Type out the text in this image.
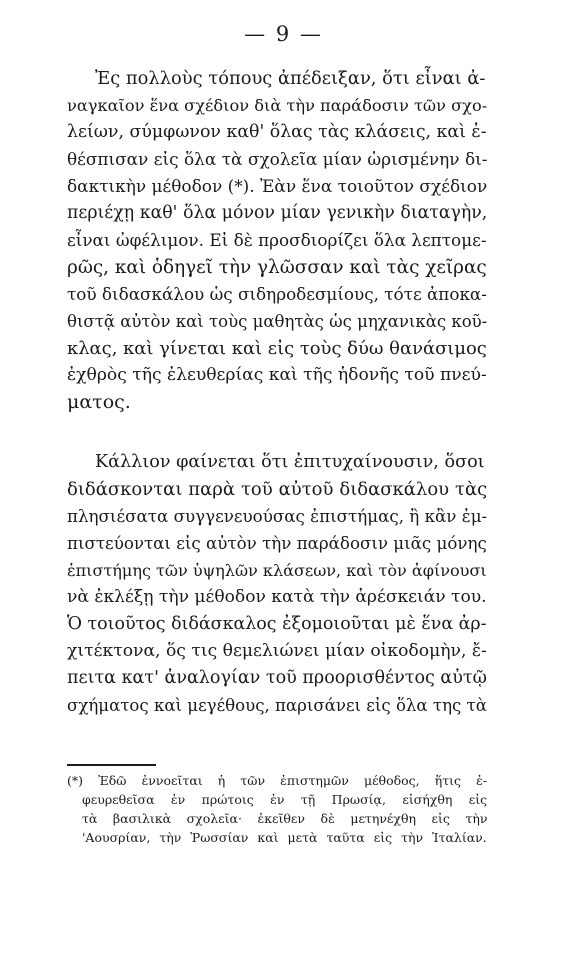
— 9 —
Ἐς πολλοὺς τόπους ἀπέδειξαν, ὅτι εἶναι ἀ-
ναγκαῖον ἕνα σχέδιον διὰ τὴν παράδοσιν τῶν σχο-
λείων, σύμφωνον καθ' ὅλας τὰς κλάσεις, καὶ ἐ-
θέσπισαν εἰς ὅλα τὰ σχολεῖα μίαν ὡρισμένην δι-
δακτικὴν μέθοδον (*). Ἐὰν ἕνα τοιοῦτον σχέδιον
περιέχῃ καθ' ὅλα μόνον μίαν γενικὴν διαταγὴν,
εἶναι ὠφέλιμον. Εἰ δὲ προσδιορίζει ὅλα λεπτομε-
ρῶς, καὶ ὁδηγεῖ τὴν γλῶσσαν καὶ τὰς χεῖρας
τοῦ διδασκάλου ὡς σιδηροδεσμίους, τότε ἀποκα-
θιστᾷ αὐτὸν καὶ τοὺς μαθητὰς ὡς μηχανικὰς κοῦ-
κλας, καὶ γίνεται καὶ εἰς τοὺς δύω θανάσιμος
ἐχθρὸς τῆς ἐλευθερίας καὶ τῆς ἡδονῆς τοῦ πνεύ-
ματος.
Κάλλιον φαίνεται ὅτι ἐπιτυχαίνουσιν, ὅσοι
διδάσκονται παρὰ τοῦ αὐτοῦ διδασκάλου τὰς
πλησιέσατα συγγενευούσας ἐπιστήμας, ἢ κἂν ἐμ-
πιστεύονται εἰς αὐτὸν τὴν παράδοσιν μιᾶς μόνης
ἐπιστήμης τῶν ὑψηλῶν κλάσεων, καὶ τὸν ἀφίνουσι
νὰ ἐκλέξῃ τὴν μέθοδον κατὰ τὴν ἀρέσκειάν του.
Ὁ τοιοῦτος διδάσκαλος ἐξομοιοῦται μὲ ἕνα ἀρ-
χιτέκτονα, ὅς τις θεμελιώνει μίαν οἰκοδομὴν, ἔ-
πειτα κατ' ἀναλογίαν τοῦ προορισθέντος αὐτῷ
σχήματος καὶ μεγέθους, παρισάνει εἰς ὅλα της τὰ
(*) Ἐδῶ ἐννοεῖται ἡ τῶν ἐπιστημῶν μέθοδος, ἥτις ἐ-
φευρεθεῖσα ἐν πρώτοις ἐν τῇ Πρωσίᾳ, εἰσήχθη εἰς
τὰ βασιλικὰ σχολεῖα· ἐκεῖθεν δὲ μετηνέχθη εἰς τὴν
'Αουσρίαν, τὴν Ῥωσσίαν καὶ μετὰ ταῦτα εἰς τὴν Ἰταλίαν.
